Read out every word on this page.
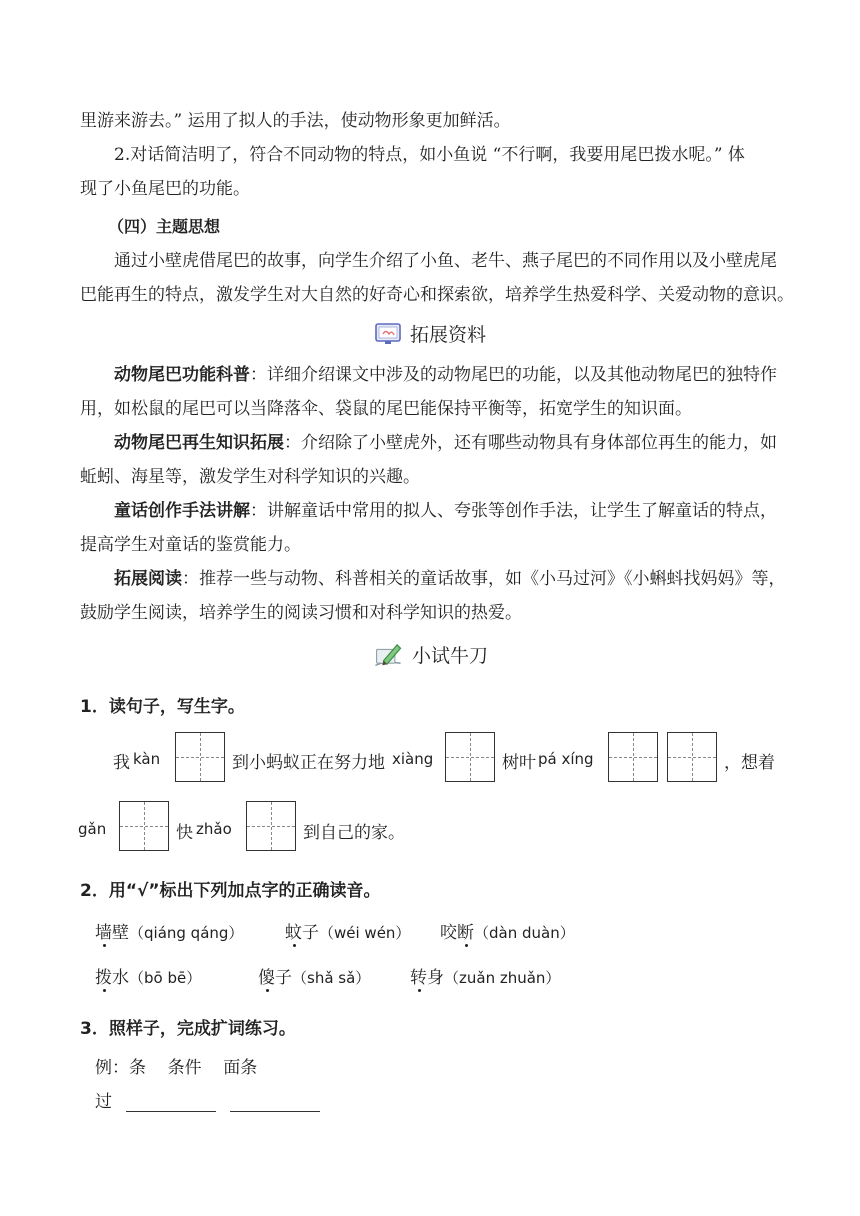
里游来游去。” 运用了拟人的手法，使动物形象更加鲜活。
2.对话简洁明了，符合不同动物的特点，如小鱼说 “不行啊，我要用尾巴拨水呢。” 体
现了小鱼尾巴的功能。
（四）主题思想
通过小壁虎借尾巴的故事，向学生介绍了小鱼、老牛、燕子尾巴的不同作用以及小壁虎尾
巴能再生的特点，激发学生对大自然的好奇心和探索欲，培养学生热爱科学、关爱动物的意识。
拓展资料
动物尾巴功能科普：详细介绍课文中涉及的动物尾巴的功能，以及其他动物尾巴的独特作
用，如松鼠的尾巴可以当降落伞、袋鼠的尾巴能保持平衡等，拓宽学生的知识面。
动物尾巴再生知识拓展：介绍除了小壁虎外，还有哪些动物具有身体部位再生的能力，如
蚯蚓、海星等，激发学生对科学知识的兴趣。
童话创作手法讲解：讲解童话中常用的拟人、夸张等创作手法，让学生了解童话的特点，
提高学生对童话的鉴赏能力。
拓展阅读：推荐一些与动物、科普相关的童话故事，如《小马过河》《小蝌蚪找妈妈》等，
鼓励学生阅读，培养学生的阅读习惯和对科学知识的热爱。
小试牛刀
1．读句子，写生字。
我 kàn	到小蚂蚁正在努力地 xiàng	树叶 pá xíng	，想着
gǎn	快 zhǎo	到自己的家。
2．用“√”标出下列加点字的正确读音。
墙壁（qiáng qáng） 蚊子（wéi wén） 咬断（dàn duàn）
拨水（bō bē）	傻子（shǎ sǎ） 转身（zuǎn zhuǎn）
3．照样子，完成扩词练习。
例：条    条件    面条
过
